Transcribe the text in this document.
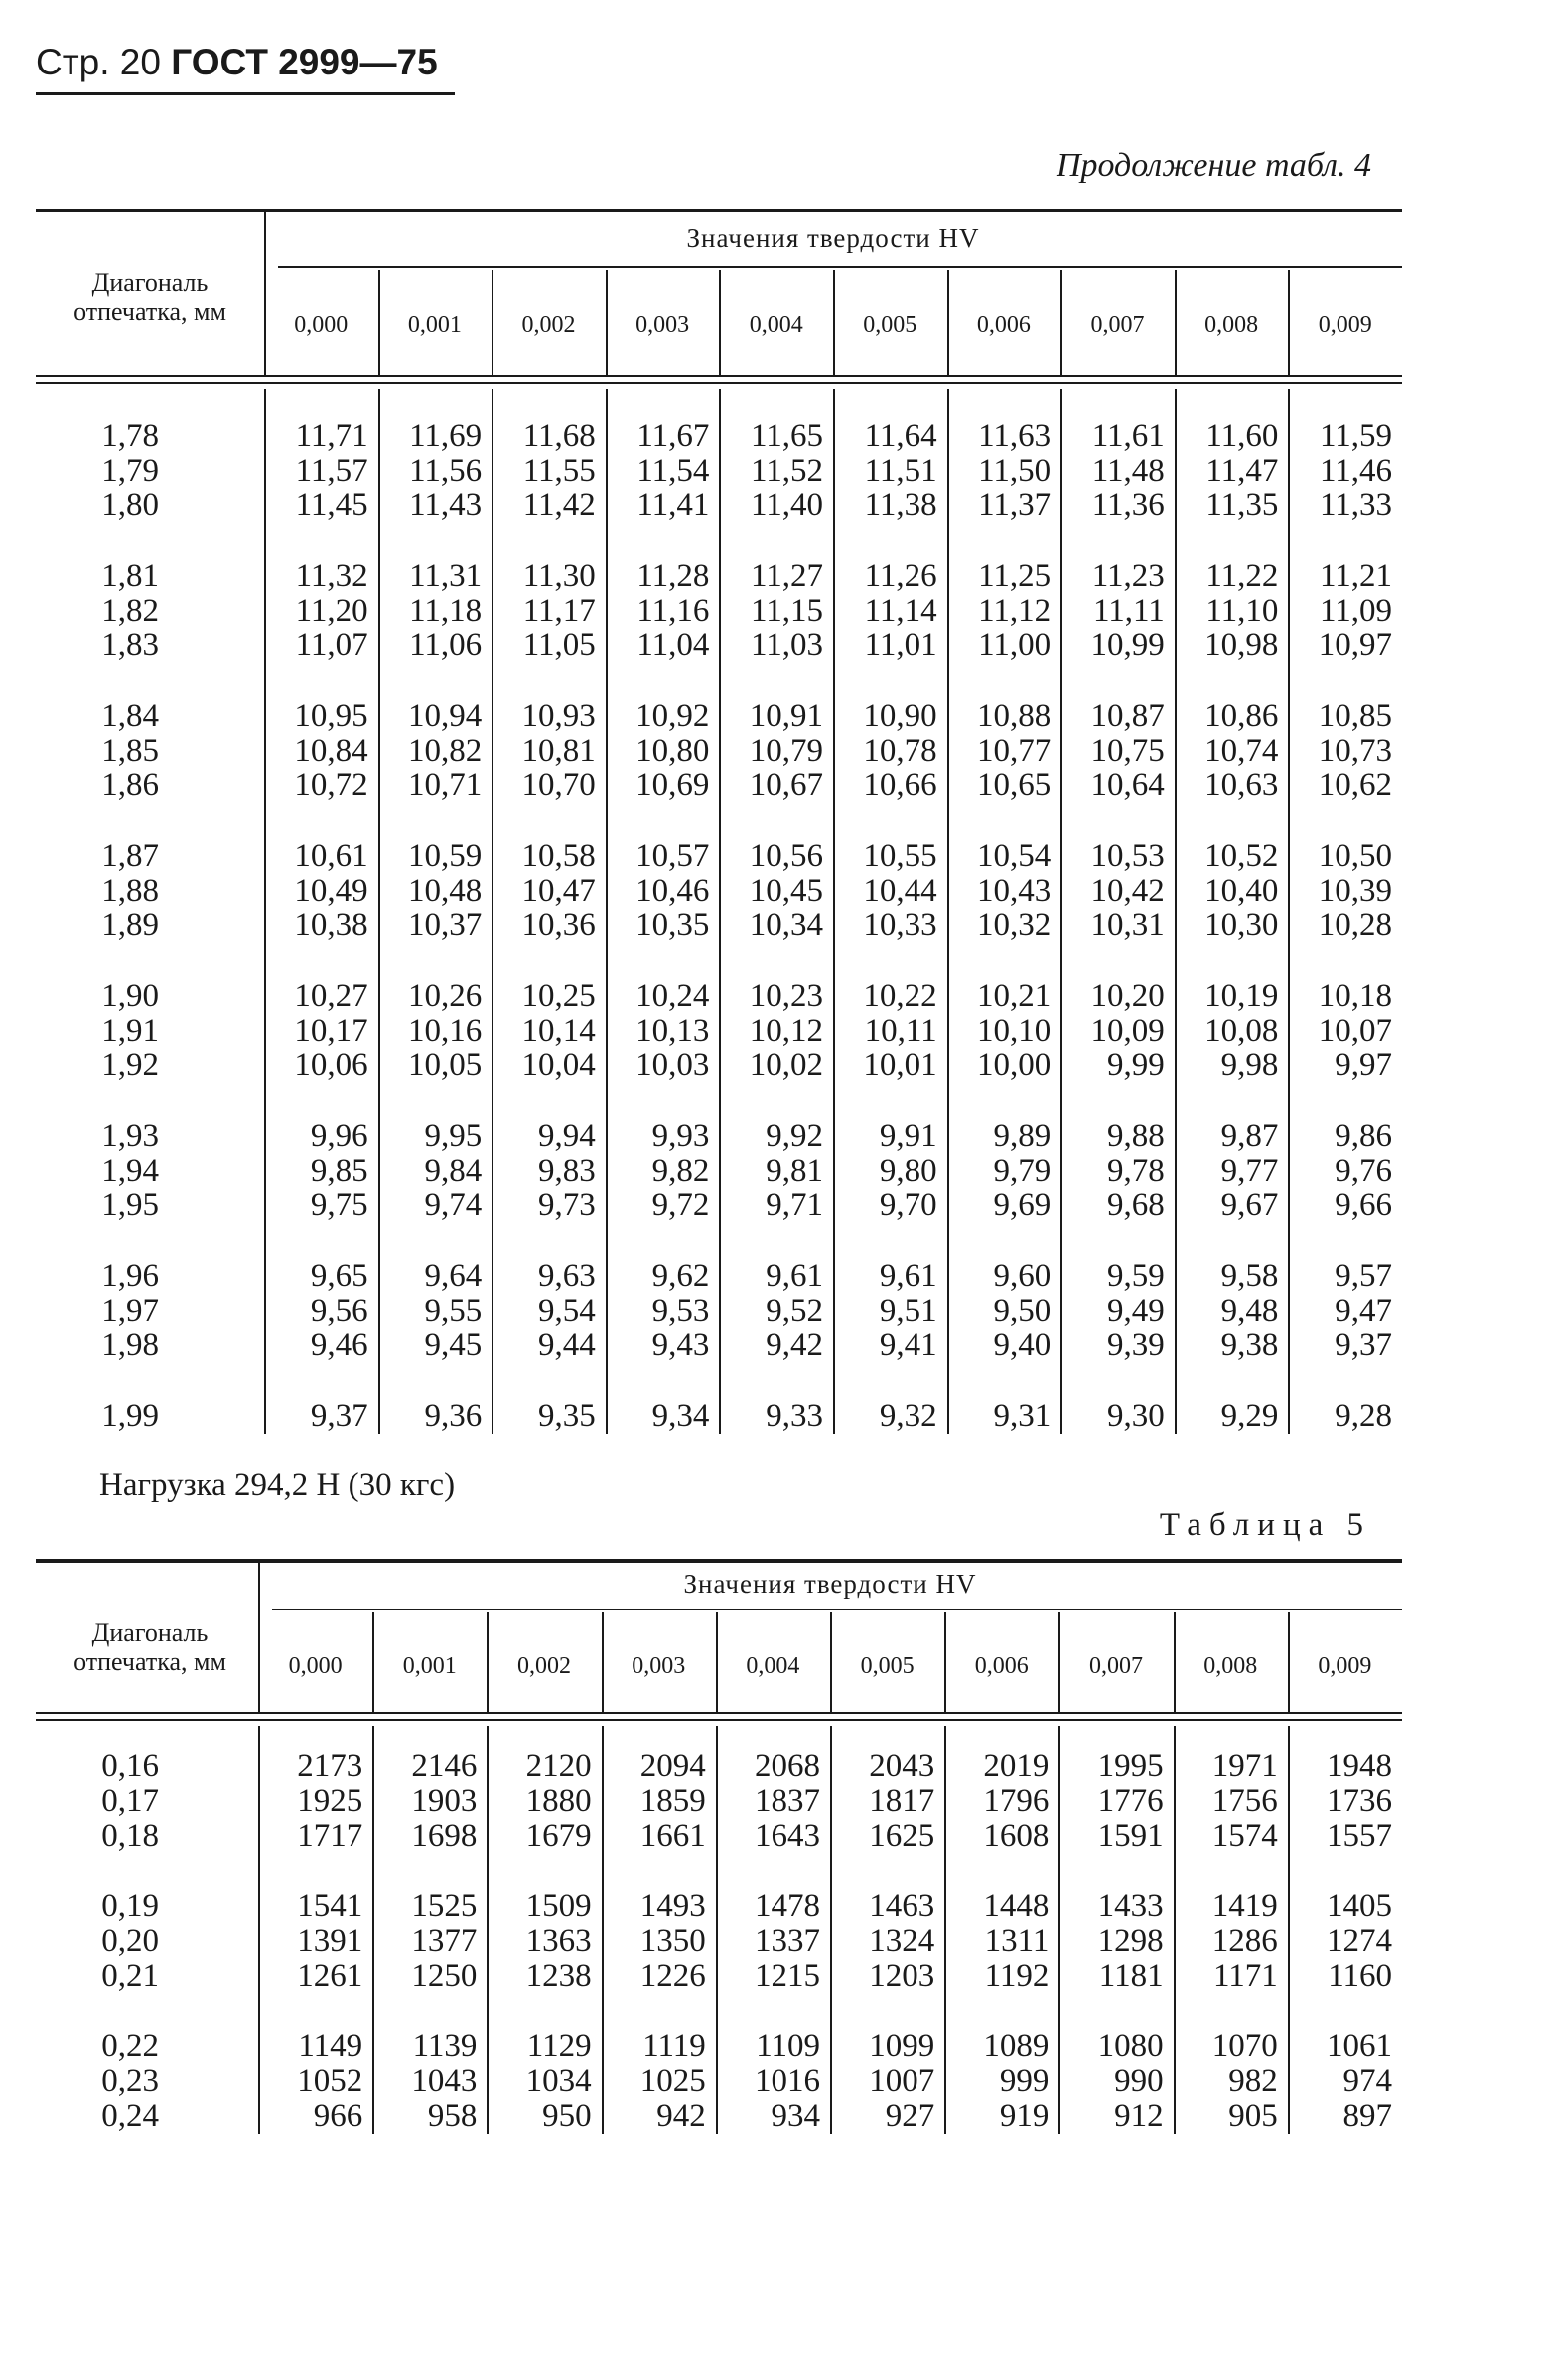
Стр. 20 ГОСТ 2999—75
Продолжение табл. 4
Диагональ
отпечатка, мм
Значения твердости HV
0,000	0,001	0,002	0,003	0,004	0,005	0,006	0,007	0,008	0,009
1,78	11,71	11,69	11,68	11,67	11,65	11,64	11,63	11,61	11,60	11,59
1,79	11,57	11,56	11,55	11,54	11,52	11,51	11,50	11,48	11,47	11,46
1,80	11,45	11,43	11,42	11,41	11,40	11,38	11,37	11,36	11,35	11,33
1,81	11,32	11,31	11,30	11,28	11,27	11,26	11,25	11,23	11,22	11,21
1,82	11,20	11,18	11,17	11,16	11,15	11,14	11,12	11,11	11,10	11,09
1,83	11,07	11,06	11,05	11,04	11,03	11,01	11,00	10,99	10,98	10,97
1,84	10,95	10,94	10,93	10,92	10,91	10,90	10,88	10,87	10,86	10,85
1,85	10,84	10,82	10,81	10,80	10,79	10,78	10,77	10,75	10,74	10,73
1,86	10,72	10,71	10,70	10,69	10,67	10,66	10,65	10,64	10,63	10,62
1,87	10,61	10,59	10,58	10,57	10,56	10,55	10,54	10,53	10,52	10,50
1,88	10,49	10,48	10,47	10,46	10,45	10,44	10,43	10,42	10,40	10,39
1,89	10,38	10,37	10,36	10,35	10,34	10,33	10,32	10,31	10,30	10,28
1,90	10,27	10,26	10,25	10,24	10,23	10,22	10,21	10,20	10,19	10,18
1,91	10,17	10,16	10,14	10,13	10,12	10,11	10,10	10,09	10,08	10,07
1,92	10,06	10,05	10,04	10,03	10,02	10,01	10,00	9,99	9,98	9,97
1,93	9,96	9,95	9,94	9,93	9,92	9,91	9,89	9,88	9,87	9,86
1,94	9,85	9,84	9,83	9,82	9,81	9,80	9,79	9,78	9,77	9,76
1,95	9,75	9,74	9,73	9,72	9,71	9,70	9,69	9,68	9,67	9,66
1,96	9,65	9,64	9,63	9,62	9,61	9,61	9,60	9,59	9,58	9,57
1,97	9,56	9,55	9,54	9,53	9,52	9,51	9,50	9,49	9,48	9,47
1,98	9,46	9,45	9,44	9,43	9,42	9,41	9,40	9,39	9,38	9,37
1,99	9,37	9,36	9,35	9,34	9,33	9,32	9,31	9,30	9,29	9,28
Нагрузка 294,2 Н (30 кгс)
Таблица 5
Диагональ
отпечатка, мм
Значения твердости HV
0,000	0,001	0,002	0,003	0,004	0,005	0,006	0,007	0,008	0,009
0,16	2173	2146	2120	2094	2068	2043	2019	1995	1971	1948
0,17	1925	1903	1880	1859	1837	1817	1796	1776	1756	1736
0,18	1717	1698	1679	1661	1643	1625	1608	1591	1574	1557
0,19	1541	1525	1509	1493	1478	1463	1448	1433	1419	1405
0,20	1391	1377	1363	1350	1337	1324	1311	1298	1286	1274
0,21	1261	1250	1238	1226	1215	1203	1192	1181	1171	1160
0,22	1149	1139	1129	1119	1109	1099	1089	1080	1070	1061
0,23	1052	1043	1034	1025	1016	1007	999	990	982	974
0,24	966	958	950	942	934	927	919	912	905	897
